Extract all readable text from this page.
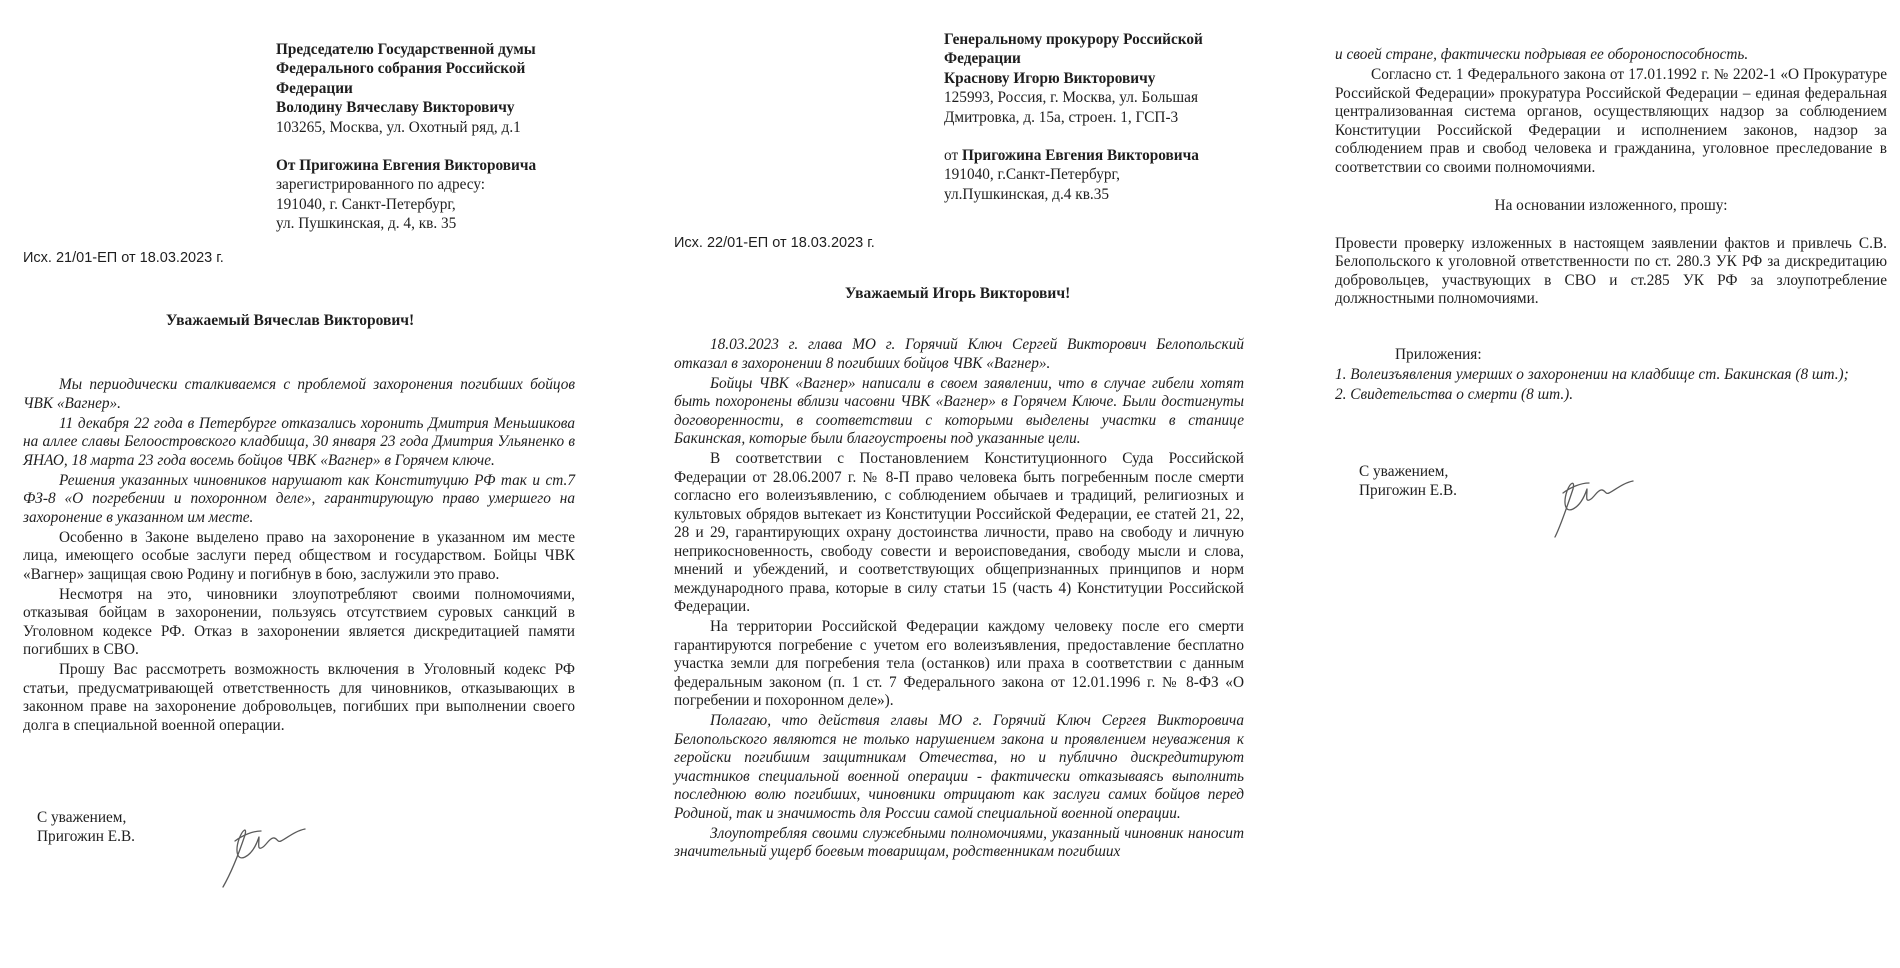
Председателю Государственной думы
Федерального собрания Российской
Федерации
Володину Вячеславу Викторовичу
103265, Москва, ул. Охотный ряд, д.1
От Пригожина Евгения Викторовича
зарегистрированного по адресу:
191040, г. Санкт-Петербург,
ул. Пушкинская, д. 4, кв. 35
Исх. 21/01-ЕП от 18.03.2023 г.
Уважаемый Вячеслав Викторович!

Мы периодически сталкиваемся с проблемой захоронения погибших бойцов ЧВК «Вагнер».

11 декабря 22 года в Петербурге отказались хоронить Дмитрия Меньшикова на аллее славы Белоостровского кладбища, 30 января 23 года Дмитрия Ульяненко в ЯНАО, 18 марта 23 года восемь бойцов ЧВК «Вагнер» в Горячем ключе.

Решения указанных чиновников нарушают как Конституцию РФ так и ст.7 ФЗ-8 «О погребении и похоронном деле», гарантирующую право умершего на захоронение в указанном им месте.

Особенно в Законе выделено право на захоронение в указанном им месте лица, имеющего особые заслуги перед обществом и государством. Бойцы ЧВК «Вагнер» защищая свою Родину и погибнув в бою, заслужили это право.

Несмотря на это, чиновники злоупотребляют своими полномочиями, отказывая бойцам в захоронении, пользуясь отсутствием суровых санкций в Уголовном кодексе РФ. Отказ в захоронении является дискредитацией памяти погибших в СВО.

Прошу Вас рассмотреть возможность включения в Уголовный кодекс РФ статьи, предусматривающей ответственность для чиновников, отказывающих в законном праве на захоронение добровольцев, погибших при выполнении своего долга в специальной военной операции.

С уважением,
Пригожин Е.В.
Генеральному прокурору Российской
Федерации
Краснову Игорю Викторовичу
125993, Россия, г. Москва, ул. Большая
Дмитровка, д. 15а, строен. 1, ГСП-3
от Пригожина Евгения Викторовича
191040, г.Санкт-Петербург,
ул.Пушкинская, д.4 кв.35
Исх. 22/01-ЕП от 18.03.2023 г.
Уважаемый Игорь Викторович!

18.03.2023 г. глава МО г. Горячий Ключ Сергей Викторович Белопольский отказал в захоронении 8 погибших бойцов ЧВК «Вагнер».

Бойцы ЧВК «Вагнер» написали в своем заявлении, что в случае гибели хотят быть похоронены вблизи часовни ЧВК «Вагнер» в Горячем Ключе. Были достигнуты договоренности, в соответствии с которыми выделены участки в станице Бакинская, которые были благоустроены под указанные цели.

В соответствии с Постановлением Конституционного Суда Российской Федерации от 28.06.2007 г. № 8-П право человека быть погребенным после смерти согласно его волеизъявлению, с соблюдением обычаев и традиций, религиозных и культовых обрядов вытекает из Конституции Российской Федерации, ее статей 21, 22, 28 и 29, гарантирующих охрану достоинства личности, право на свободу и личную неприкосновенность, свободу совести и вероисповедания, свободу мысли и слова, мнений и убеждений, и соответствующих общепризнанных принципов и норм международного права, которые в силу статьи 15 (часть 4) Конституции Российской Федерации.

На территории Российской Федерации каждому человеку после его смерти гарантируются погребение с учетом его волеизъявления, предоставление бесплатно участка земли для погребения тела (останков) или праха в соответствии с данным федеральным законом (п. 1 ст. 7 Федерального закона от 12.01.1996 г. № 8-ФЗ «О погребении и похоронном деле»).

Полагаю, что действия главы МО г. Горячий Ключ Сергея Викторовича Белопольского являются не только нарушением закона и проявлением неуважения к геройски погибшим защитникам Отечества, но и публично дискредитируют участников специальной военной операции - фактически отказываясь выполнить последнюю волю погибших, чиновники отрицают как заслуги самих бойцов перед Родиной, так и значимость для России самой специальной военной операции.

Злоупотребляя своими служебными полномочиями, указанный чиновник наносит значительный ущерб боевым товарищам, родственникам погибших

и своей стране, фактически подрывая ее обороноспособность.

Согласно ст. 1 Федерального закона от 17.01.1992 г. № 2202-1 «О Прокуратуре Российской Федерации» прокуратура Российской Федерации – единая федеральная централизованная система органов, осуществляющих надзор за соблюдением Конституции Российской Федерации и исполнением законов, надзор за соблюдением прав и свобод человека и гражданина, уголовное преследование в соответствии со своими полномочиями.

На основании изложенного, прошу:

Провести проверку изложенных в настоящем заявлении фактов и привлечь С.В. Белопольского к уголовной ответственности по ст. 280.3 УК РФ за дискредитацию добровольцев, участвующих в СВО и ст.285 УК РФ за злоупотребление должностными полномочиями.

Приложения:

1. Волеизъявления умерших о захоронении на кладбище ст. Бакинская (8 шт.);

2. Свидетельства о смерти (8 шт.).

С уважением,
Пригожин Е.В.
